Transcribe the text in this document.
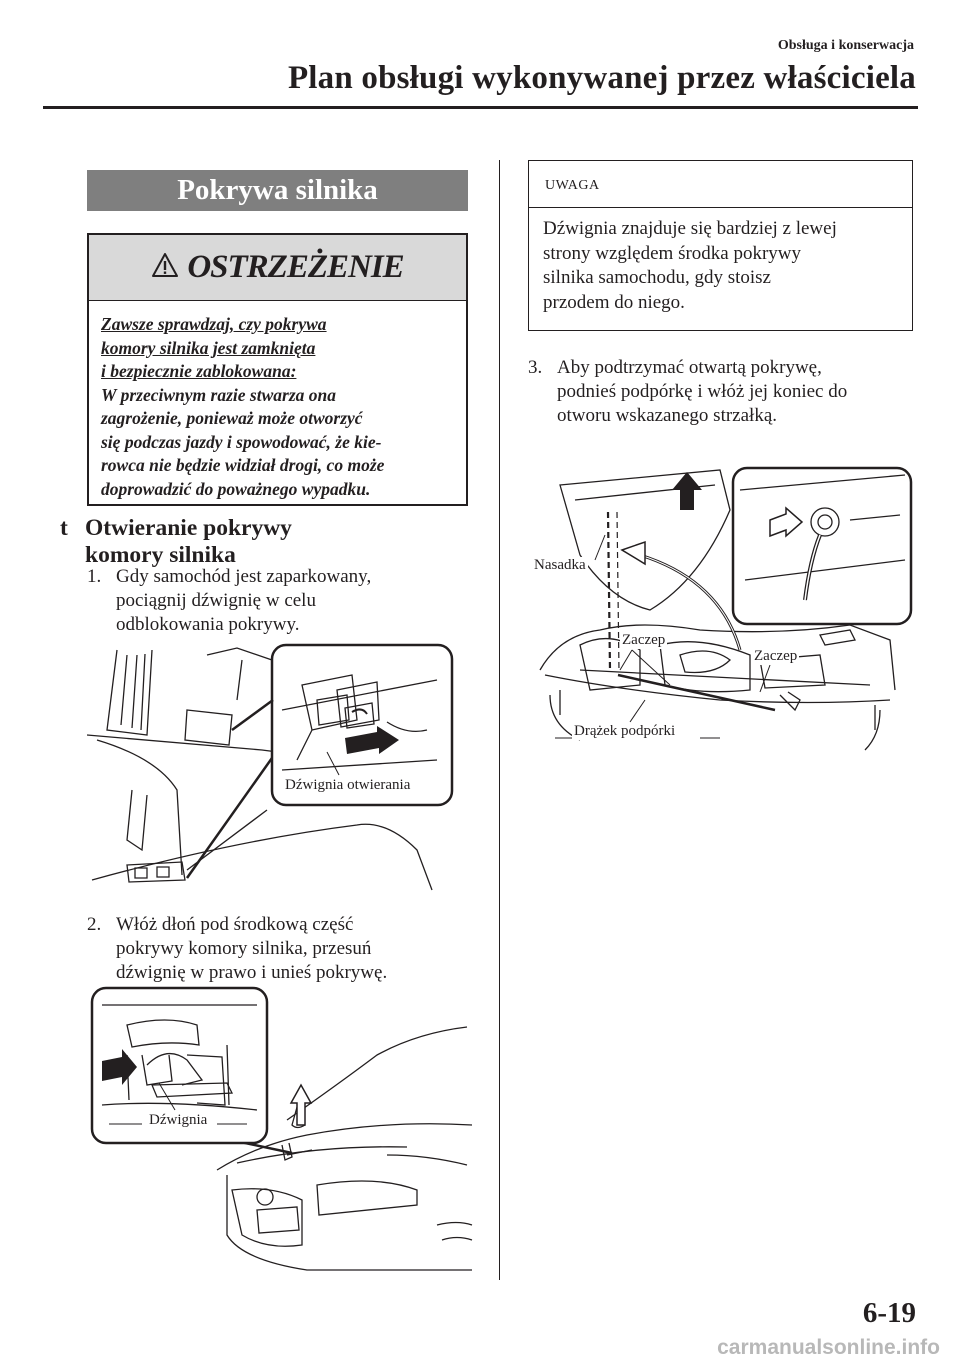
Obsługa i konserwacja
Plan obsługi wykonywanej przez właściciela
Pokrywa silnika
OSTRZEŻENIE
Zawsze sprawdzaj, czy pokrywa
komory silnika jest zamknięta
i bezpiecznie zablokowana:
W przeciwnym razie stwarza ona
zagrożenie, ponieważ może otworzyć
się podczas jazdy i spowodować, że kie-
rowca nie będzie widział drogi, co może
doprowadzić do poważnego wypadku.
t Otwieranie pokrywy
komory silnika
1. Gdy samochód jest zaparkowany,
pociągnij dźwignię w celu
odblokowania pokrywy.
Dźwignia otwierania
2. Włóż dłoń pod środkową część
pokrywy komory silnika, przesuń
dźwignię w prawo i unieś pokrywę.
Dźwignia
UWAGA
Dźwignia znajduje się bardziej z lewej
strony względem środka pokrywy
silnika samochodu, gdy stoisz
przodem do niego.
3. Aby podtrzymać otwartą pokrywę,
podnieś podpórkę i włóż jej koniec do
otworu wskazanego strzałką.
Nasadka
Zaczep
Zaczep
Drążek podpórki
6-19
carmanualsonline.info
